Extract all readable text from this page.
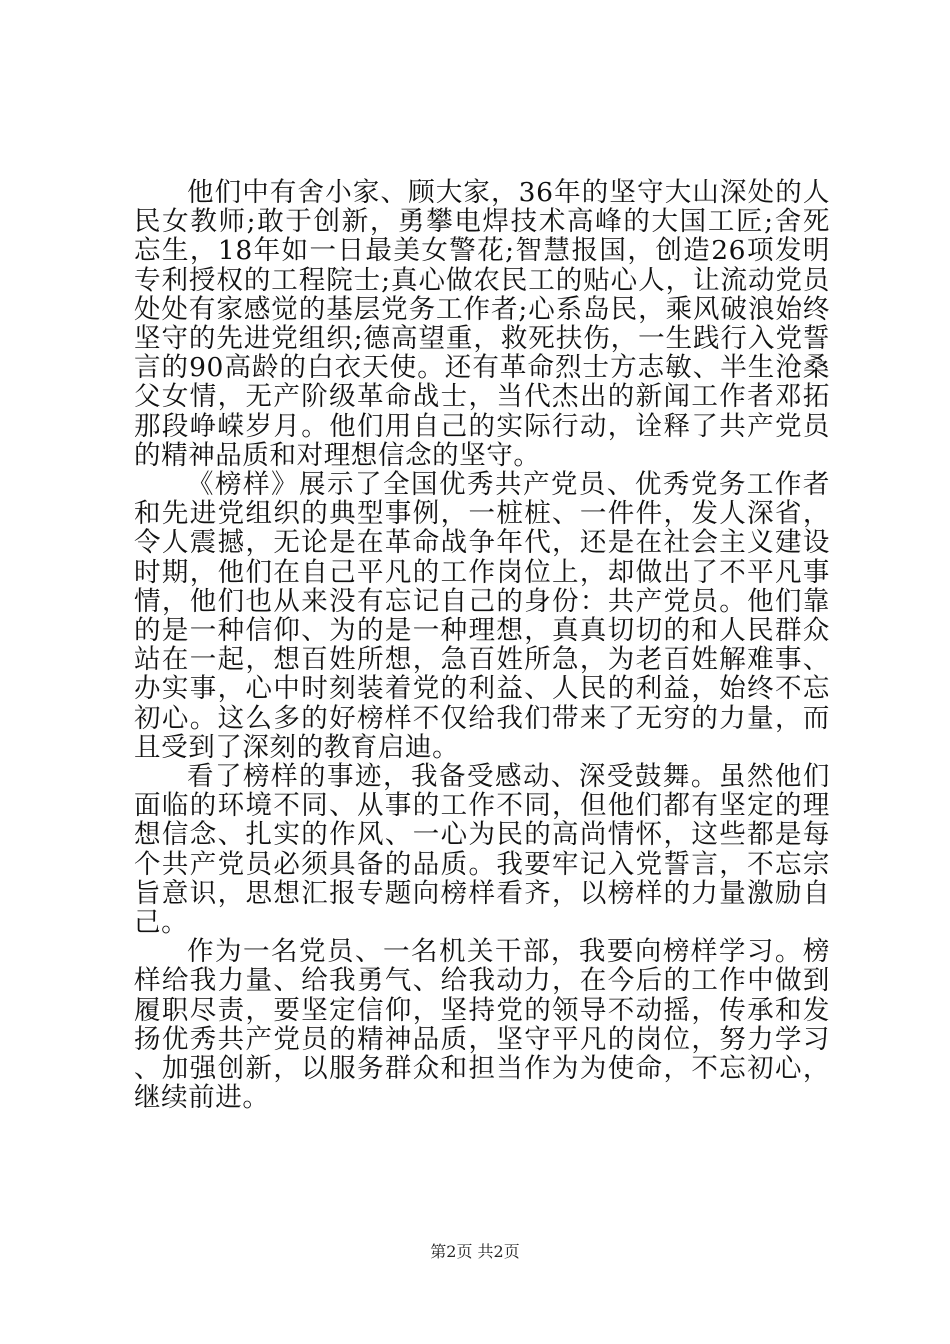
他们中有舍小家、顾大家，36年的坚守大山深处的人民女教师;敢于创新，勇攀电焊技术高峰的大国工匠;舍死忘生，18年如一日最美女警花;智慧报国，创造26项发明专利授权的工程院士;真心做农民工的贴心人，让流动党员处处有家感觉的基层党务工作者;心系岛民，乘风破浪始终坚守的先进党组织;德高望重，救死扶伤，一生践行入党誓言的90高龄的白衣天使。还有革命烈士方志敏、半生沧桑父女情，无产阶级革命战士，当代杰出的新闻工作者邓拓那段峥嵘岁月。他们用自己的实际行动，诠释了共产党员的精神品质和对理想信念的坚守。

《榜样》展示了全国优秀共产党员、优秀党务工作者和先进党组织的典型事例，一桩桩、一件件，发人深省，令人震撼，无论是在革命战争年代，还是在社会主义建设时期，他们在自己平凡的工作岗位上，却做出了不平凡事情，他们也从来没有忘记自己的身份：共产党员。他们靠的是一种信仰、为的是一种理想，真真切切的和人民群众站在一起，想百姓所想，急百姓所急，为老百姓解难事、办实事，心中时刻装着党的利益、人民的利益，始终不忘初心。这么多的好榜样不仅给我们带来了无穷的力量，而且受到了深刻的教育启迪。

看了榜样的事迹，我备受感动、深受鼓舞。虽然他们面临的环境不同、从事的工作不同，但他们都有坚定的理想信念、扎实的作风、一心为民的高尚情怀，这些都是每个共产党员必须具备的品质。我要牢记入党誓言，不忘宗旨意识，思想汇报专题向榜样看齐，以榜样的力量激励自己。

作为一名党员、一名机关干部，我要向榜样学习。榜样给我力量、给我勇气、给我动力，在今后的工作中做到履职尽责，要坚定信仰，坚持党的领导不动摇，传承和发扬优秀共产党员的精神品质，坚守平凡的岗位，努力学习、加强创新，以服务群众和担当作为为使命，不忘初心，继续前进。

第2页 共2页
